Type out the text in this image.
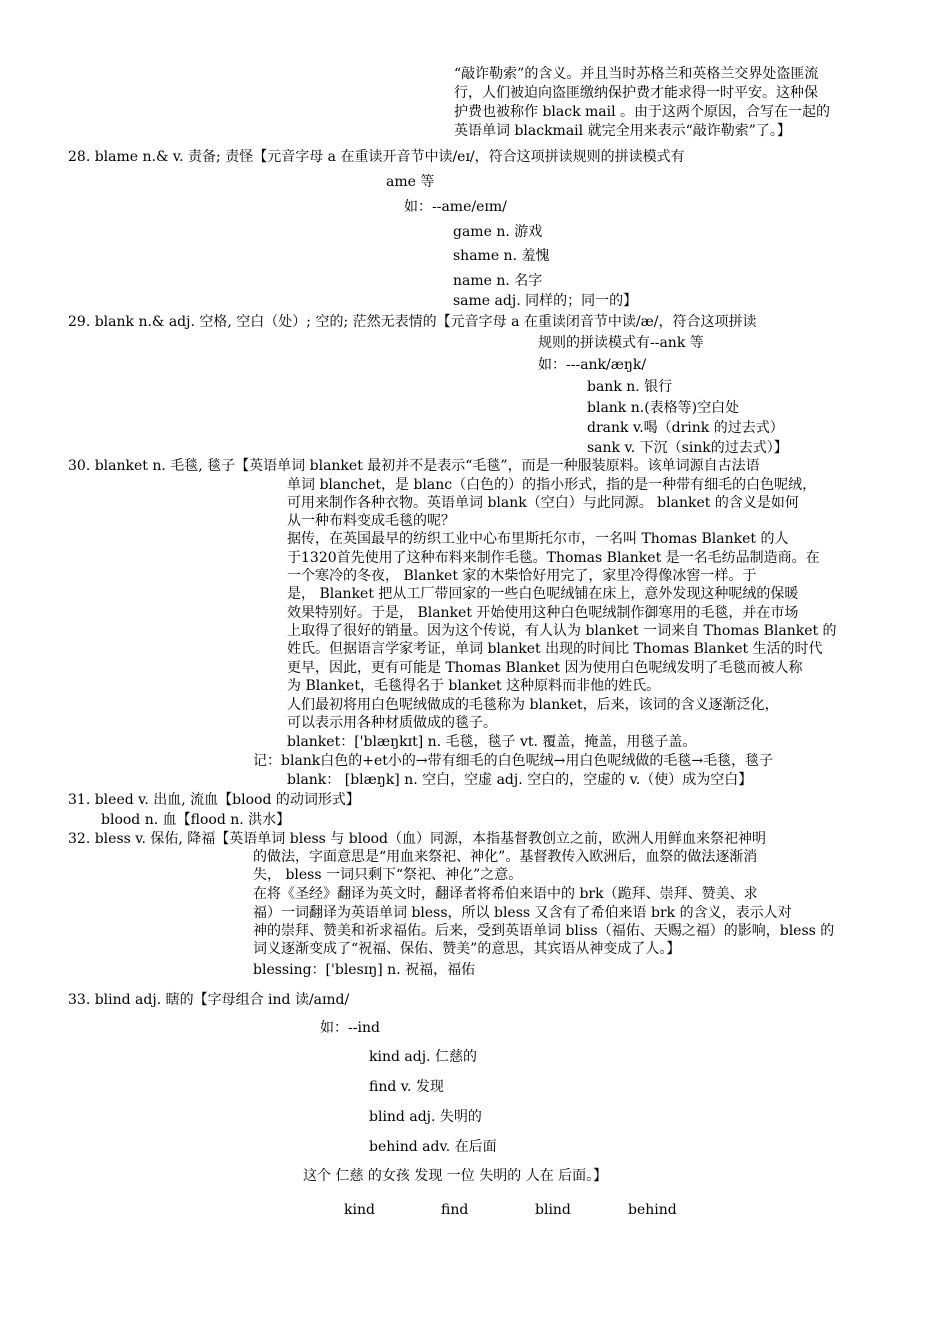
“敲诈勒索”的含义。并且当时苏格兰和英格兰交界处盗匪流
行，人们被迫向盗匪缴纳保护费才能求得一时平安。这种保
护费也被称作 black mail 。由于这两个原因，合写在一起的
英语单词 blackmail 就完全用来表示“敲诈勒索”了。】
28. blame n.& v. 责备; 责怪【元音字母 a 在重读开音节中读/eɪ/，符合这项拼读规则的拼读模式有
ame 等
如：--ame/eɪm/
game n. 游戏
shame n. 羞愧
name n. 名字
same adj. 同样的；同一的】
29. blank n.& adj. 空格, 空白（处）; 空的; 茫然无表情的【元音字母 a 在重读闭音节中读/æ/，符合这项拼读
规则的拼读模式有--ank 等
如：---ank/æŋk/
bank n. 银行
blank n.(表格等)空白处
drank v.喝（drink 的过去式）
sank v. 下沉（sink的过去式）】
30. blanket n. 毛毯, 毯子【英语单词 blanket 最初并不是表示“毛毯”，而是一种服装原料。该单词源自古法语
单词 blanchet，是 blanc（白色的）的指小形式，指的是一种带有细毛的白色呢绒，
可用来制作各种衣物。英语单词 blank（空白）与此同源。 blanket 的含义是如何
从一种布料变成毛毯的呢？
据传，在英国最早的纺织工业中心布里斯托尔市，一名叫 Thomas Blanket 的人
于1320首先使用了这种布料来制作毛毯。Thomas Blanket 是一名毛纺品制造商。在
一个寒冷的冬夜， Blanket 家的木柴恰好用完了，家里冷得像冰窖一样。于
是， Blanket 把从工厂带回家的一些白色呢绒铺在床上，意外发现这种呢绒的保暖
效果特别好。于是， Blanket 开始使用这种白色呢绒制作御寒用的毛毯，并在市场
上取得了很好的销量。因为这个传说，有人认为 blanket 一词来自 Thomas Blanket 的
姓氏。但据语言学家考证，单词 blanket 出现的时间比 Thomas Blanket 生活的时代
更早，因此，更有可能是 Thomas Blanket 因为使用白色呢绒发明了毛毯而被人称
为 Blanket，毛毯得名于 blanket 这种原料而非他的姓氏。
人们最初将用白色呢绒做成的毛毯称为 blanket，后来，该词的含义逐渐泛化，
可以表示用各种材质做成的毯子。
blanket：['blæŋkɪt] n. 毛毯，毯子 vt. 覆盖，掩盖，用毯子盖。
记：blank白色的+et小的→带有细毛的白色呢绒→用白色呢绒做的毛毯→毛毯，毯子
blank： [blæŋk] n. 空白，空虚 adj. 空白的，空虚的 v.（使）成为空白】
31. bleed v. 出血, 流血【blood 的动词形式】
blood n. 血【flood n. 洪水】
32. bless v. 保佑, 降福【英语单词 bless 与 blood（血）同源，本指基督教创立之前，欧洲人用鲜血来祭祀神明
的做法，字面意思是“用血来祭祀、神化”。基督教传入欧洲后，血祭的做法逐渐消
失， bless 一词只剩下“祭祀、神化”之意。
在将《圣经》翻译为英文时，翻译者将希伯来语中的 brk（跪拜、崇拜、赞美、求
福）一词翻译为英语单词 bless，所以 bless 又含有了希伯来语 brk 的含义，表示人对
神的崇拜、赞美和祈求福佑。后来，受到英语单词 bliss（福佑、天赐之福）的影响，bless 的
词义逐渐变成了“祝福、保佑、赞美”的意思，其宾语从神变成了人。】
blessing：['blesɪŋ] n. 祝福，福佑
33. blind adj. 瞎的【字母组合 ind 读/aɪnd/
如：--ind
kind adj. 仁慈的
find v. 发现
blind adj. 失明的
behind adv. 在后面
这个 仁慈 的女孩 发现 一位 失明的 人在 后面。】
kind	find	blind	behind
